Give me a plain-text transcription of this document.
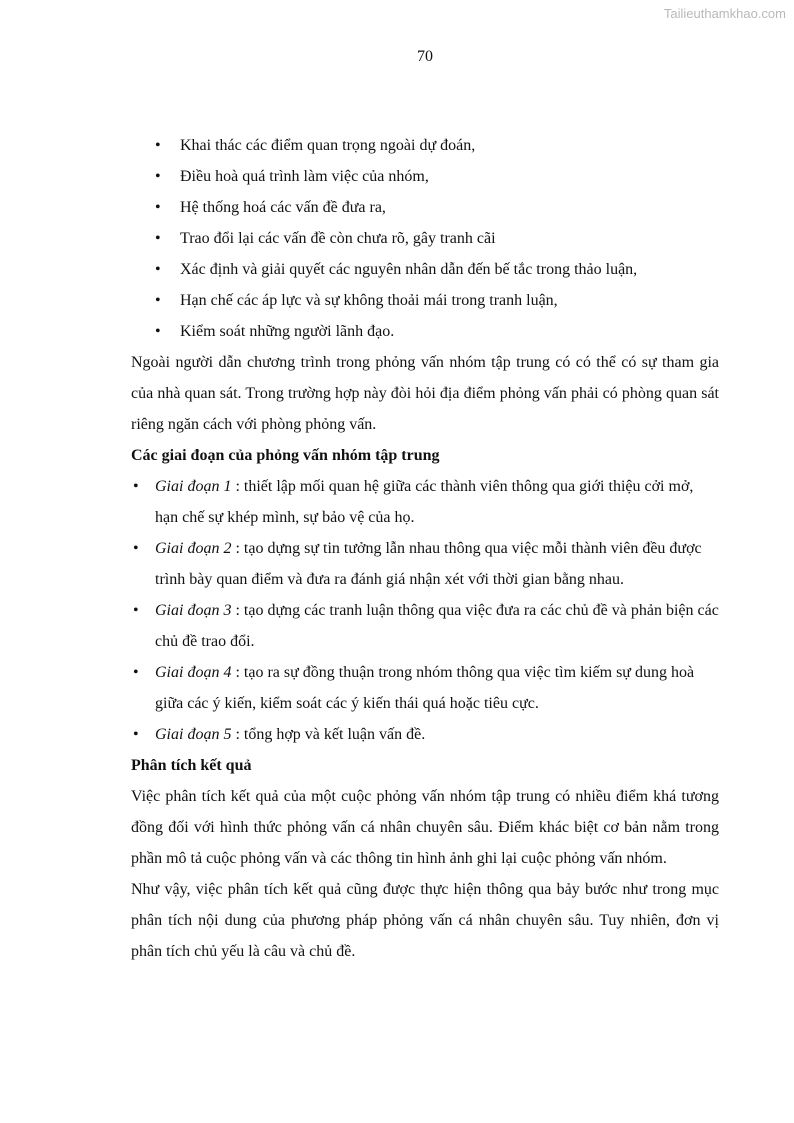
Tailieuthamkhao.com
70
• Khai thác các điểm quan trọng ngoài dự đoán,
• Điều hoà quá trình làm việc của nhóm,
• Hệ thống hoá các vấn đề đưa ra,
• Trao đổi lại các vấn đề còn chưa rõ, gây tranh cãi
• Xác định và giải quyết các nguyên nhân dẫn đến bế tắc trong thảo luận,
• Hạn chế các áp lực và sự không thoải mái trong tranh luận,
• Kiểm soát những người lãnh đạo.

Ngoài người dẫn chương trình trong phỏng vấn nhóm tập trung có có thể có sự tham gia của nhà quan sát. Trong trường hợp này đòi hỏi địa điểm phỏng vấn phải có phòng quan sát riêng ngăn cách với phòng phỏng vấn.

Các giai đoạn của phỏng vấn nhóm tập trung
• Giai đoạn 1 : thiết lập mối quan hệ giữa các thành viên thông qua giới thiệu cởi mở, hạn chế sự khép mình, sự bảo vệ của họ.
• Giai đoạn 2 : tạo dựng sự tin tưởng lẫn nhau thông qua việc mỗi thành viên đều được trình bày quan điểm và đưa ra đánh giá nhận xét với thời gian bằng nhau.
• Giai đoạn 3 : tạo dựng các tranh luận thông qua việc đưa ra các chủ đề và phản biện các chủ đề trao đổi.
• Giai đoạn 4 : tạo ra sự đồng thuận trong nhóm thông qua việc tìm kiếm sự dung hoà giữa các ý kiến, kiểm soát các ý kiến thái quá hoặc tiêu cực.
• Giai đoạn 5 : tổng hợp và kết luận vấn đề.
Phân tích kết quả

Việc phân tích kết quả của một cuộc phỏng vấn nhóm tập trung có nhiều điểm khá tương đồng đối với hình thức phỏng vấn cá nhân chuyên sâu. Điểm khác biệt cơ bản nằm trong phần mô tả cuộc phỏng vấn và các thông tin hình ảnh ghi lại cuộc phỏng vấn nhóm.

Như vậy, việc phân tích kết quả cũng được thực hiện thông qua bảy bước như trong mục phân tích nội dung của phương pháp phỏng vấn cá nhân chuyên sâu. Tuy nhiên, đơn vị phân tích chủ yếu là câu và chủ đề.
